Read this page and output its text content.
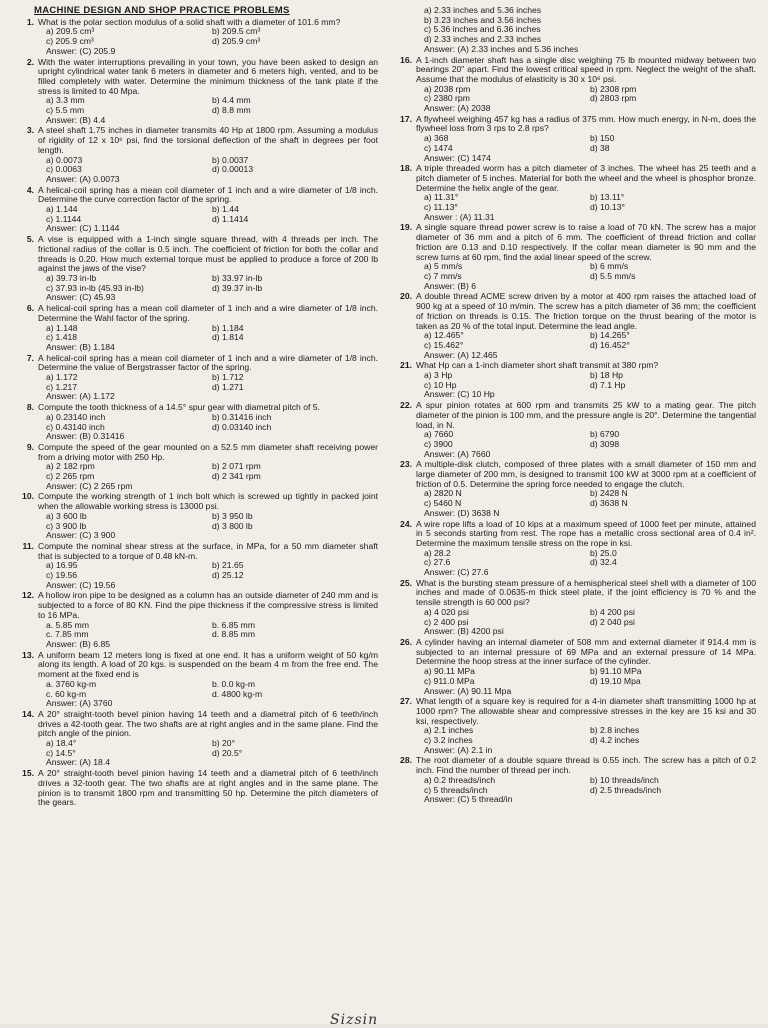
MACHINE DESIGN AND SHOP PRACTICE PROBLEMS
1. What is the polar section modulus of a solid shaft with a diameter of 101.6 mm?
a) 209.5 cm³	b) 209.5 cm³
c) 205.9 cm³	d) 205.9 cm³
Answer: (C) 205.9
2. With the water interruptions prevailing in your town, you have been asked to design an upright cylindrical water tank 6 meters in diameter and 6 meters high, vented, and to be filled completely with water. Determine the minimum thickness of the tank plate if the stress is limited to 40 Mpa.
a) 3.3 mm	b) 4.4 mm
c) 5.5 mm	d) 8.8 mm
Answer: (B) 4.4
3. A steel shaft 1.75 inches in diameter transmits 40 Hp at 1800 rpm. Assuming a modulus of rigidity of 12 x 10⁶ psi, find the torsional deflection of the shaft in degrees per foot length.
a) 0.0073	b) 0.0037
c) 0.0063	d) 0.00013
Answer: (A) 0.0073
4. A helical-coil spring has a mean coil diameter of 1 inch and a wire diameter of 1/8 inch. Determine the curve correction factor of the spring.
a) 1.144	b) 1.44
c) 1.1144	d) 1.1414
Answer: (C) 1.1144
5. A vise is equipped with a 1-inch single square thread, with 4 threads per inch. The frictional radius of the collar is 0.5 inch. The coefficient of friction for both the collar and threads is 0.20. How much external torque must be applied to produce a force of 200 lb against the jaws of the vise?
a) 39.73 in-lb	b) 33.97 in-lb
c) 37.93 in-lb (45.93 in-lb)	d) 39.37 in-lb
Answer: (C) 45.93
6. A helical-coil spring has a mean coil diameter of 1 inch and a wire diameter of 1/8 inch. Determine the Wahl factor of the spring.
a) 1.148	b) 1.184
c) 1.418	d) 1.814
Answer: (B) 1.184
7. A helical-coil spring has a mean coil diameter of 1 inch and a wire diameter of 1/8 inch. Determine the value of Bergstrasser factor of the spring.
a) 1.172	b) 1.712
c) 1.217	d) 1.271
Answer: (A) 1.172
8. Compute the tooth thickness of a 14.5° spur gear with diametral pitch of 5.
a) 0.23140 inch	b) 0.31416 inch
c) 0.43140 inch	d) 0.03140 inch
Answer: (B) 0.31416
9. Compute the speed of the gear mounted on a 52.5 mm diameter shaft receiving power from a driving motor with 250 Hp.
a) 2 182 rpm	b) 2 071 rpm
c) 2 265 rpm	d) 2 341 rpm
Answer: (C) 2 265 rpm
10. Compute the working strength of 1 inch bolt which is screwed up tightly in packed joint when the allowable working stress is 13000 psi.
a) 3 600 lb	b) 3 950 lb
c) 3 900 lb	d) 3 800 lb
Answer: (C) 3 900
11. Compute the nominal shear stress at the surface, in MPa, for a 50 mm diameter shaft that is subjected to a torque of 0.48 kN-m.
a) 16.95	b) 21.65
c) 19.56	d) 25.12
Answer: (C) 19.56
12. A hollow iron pipe to be designed as a column has an outside diameter of 240 mm and is subjected to a force of 80 KN. Find the pipe thickness if the compressive stress is limited to 16 MPa.
a. 5.85 mm	b. 6.85 mm
c. 7.85 mm	d. 8.85 mm
Answer: (B) 6.85
13. A uniform beam 12 meters long is fixed at one end. It has a uniform weight of 50 kg/m along its length. A load of 20 kgs. is suspended on the beam 4 m from the free end. The moment at the fixed end is
a. 3760 kg-m	b. 0.0 kg-m
c. 60 kg-m	d. 4800 kg-m
Answer: (A) 3760
14. A 20° straight-tooth bevel pinion having 14 teeth and a diametral pitch of 6 teeth/inch drives a 42-tooth gear. The two shafts are at right angles and in the same plane. Find the pitch angle of the pinion.
a) 18.4°	b) 20°
c) 14.5°	d) 20.5°
Answer: (A) 18.4
15. A 20° straight-tooth bevel pinion having 14 teeth and a diametral pitch of 6 teeth/inch drives a 32-tooth gear. The two shafts are at right angles and in the same plane. The pinion is to transmit 1800 rpm and transmitting 50 hp. Determine the pitch diameters of the gears.
a) 2.33 inches and 5.36 inches
b) 3.23 inches and 3.56 inches
c) 5.36 inches and 6.36 inches
d) 2.33 inches and 2.33 inches
Answer: (A) 2.33 inches and 5.36 inches
16. A 1-inch diameter shaft has a single disc weighing 75 lb mounted midway between two bearings 20" apart. Find the lowest critical speed in rpm. Neglect the weight of the shaft. Assume that the modulus of elasticity is 30 x 10⁶ psi.
a) 2038 rpm	b) 2308 rpm
c) 2380 rpm	d) 2803 rpm
Answer: (A) 2038
17. A flywheel weighing 457 kg has a radius of 375 mm. How much energy, in N-m, does the flywheel loss from 3 rps to 2.8 rps?
a) 368	b) 150
c) 1474	d) 38
Answer: (C) 1474
18. A triple threaded worm has a pitch diameter of 3 inches. The wheel has 25 teeth and a pitch diameter of 5 inches. Material for both the wheel and the wheel is phosphor bronze. Determine the helix angle of the gear.
a) 11.31°	b) 13.11°
c) 11.13°	d) 10.13°
Answer : (A) 11.31
19. A single square thread power screw is to raise a load of 70 kN. The screw has a major diameter of 36 mm and a pitch of 6 mm. The coefficient of thread friction and collar friction are 0.13 and 0.10 respectively. If the collar mean diameter is 90 mm and the screw turns at 60 rpm, find the axial linear speed of the screw.
a) 5 mm/s	b) 6 mm/s
c) 7 mm/s	d) 5.5 mm/s
Answer: (B) 6
20. A double thread ACME screw driven by a motor at 400 rpm raises the attached load of 900 kg at a speed of 10 m/min. The screw has a pitch diameter of 36 mm; the coefficient of friction on threads is 0.15. The friction torque on the thrust bearing of the motor is taken as 20 % of the total input. Determine the lead angle.
a) 12.465°	b) 14.265°
c) 15.462°	d) 16.452°
Answer: (A) 12.465
21. What Hp can a 1-inch diameter short shaft transmit at 380 rpm?
a) 3 Hp	b) 18 Hp
c) 10 Hp	d) 7.1 Hp
Answer: (C) 10 Hp
22. A spur pinion rotates at 600 rpm and transmits 25 kW to a mating gear. The pitch diameter of the pinion is 100 mm, and the pressure angle is 20°. Determine the tangential load, in N.
a) 7660	b) 6790
c) 3900	d) 3098
Answer: (A) 7660
23. A multiple-disk clutch, composed of three plates with a small diameter of 150 mm and large diameter of 200 mm, is designed to transmit 100 kW at 3000 rpm at a coefficient of friction of 0.5. Determine the spring force needed to engage the clutch.
a) 2820 N	b) 2428 N
c) 5460 N	d) 3638 N
Answer: (D) 3638 N
24. A wire rope lifts a load of 10 kips at a maximum speed of 1000 feet per minute, attained in 5 seconds starting from rest. The rope has a metallic cross sectional area of 0.4 in². Determine the maximum tensile stress on the rope in ksi.
a) 28.2	b) 25.0
c) 27.6	d) 32.4
Answer: (C) 27.6
25. What is the bursting steam pressure of a hemispherical steel shell with a diameter of 100 inches and made of 0.0635-m thick steel plate, if the joint efficiency is 70 % and the tensile strength is 60 000 psi?
a) 4 020 psi	b) 4 200 psi
c) 2 400 psi	d) 2 040 psi
Answer: (B) 4200 psi
26. A cylinder having an internal diameter of 508 mm and external diameter if 914.4 mm is subjected to an internal pressure of 69 MPa and an external pressure of 14 MPa. Determine the hoop stress at the inner surface of the cylinder.
a) 90.11 MPa	b) 91.10 MPa
c) 911.0 MPa	d) 19.10 Mpa
Answer: (A) 90.11 Mpa
27. What length of a square key is required for a 4-in diameter shaft transmitting 1000 hp at 1000 rpm? The allowable shear and compressive stresses in the key are 15 ksi and 30 ksi, respectively.
a) 2.1 inches	b) 2.8 inches
c) 3.2 inches	d) 4.2 inches
Answer: (A) 2.1 in
28. The root diameter of a double square thread is 0.55 inch. The screw has a pitch of 0.2 inch. Find the number of thread per inch.
a) 0.2 threads/inch	b) 10 threads/inch
c) 5 threads/inch	d) 2.5 threads/inch
Answer: (C) 5 thread/in
Sizsin
